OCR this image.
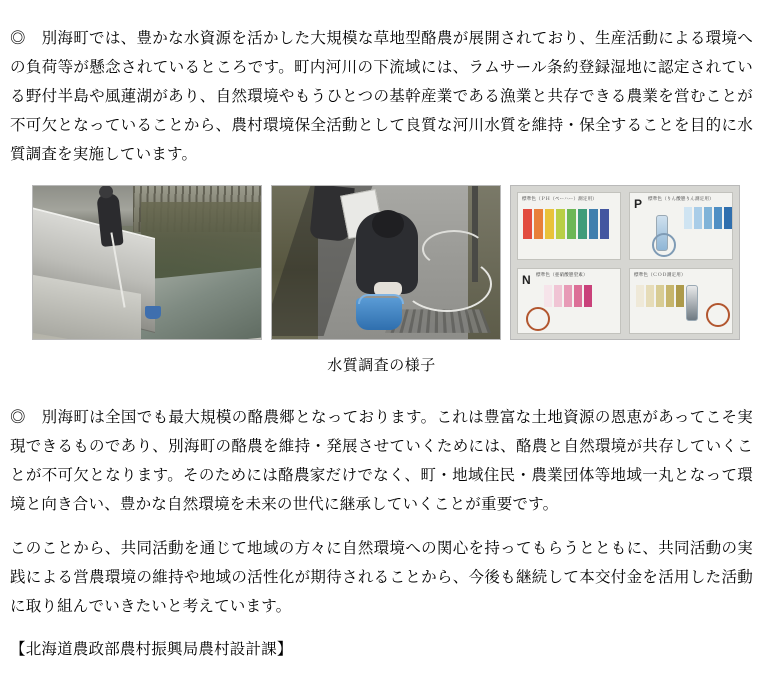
◎　別海町では、豊かな水資源を活かした大規模な草地型酪農が展開されており、生産活動による環境への負荷等が懸念されているところです。町内河川の下流域には、ラムサール条約登録湿地に認定されている野付半島や風蓮湖があり、自然環境やもうひとつの基幹産業である漁業と共存できる農業を営むことが不可欠となっていることから、農村環境保全活動として良質な河川水質を維持・保全することを目的に水質調査を実施しています。

標準色（ＰＨ（ペーハー）測定用）	P 標準色（りん酸態りん測定用）
N 標準色（亜硝酸態窒素）	標準色（ＣＯＤ測定用）
水質調査の様子

◎　別海町は全国でも最大規模の酪農郷となっております。これは豊富な土地資源の恩恵があってこそ実現できるものであり、別海町の酪農を維持・発展させていくためには、酪農と自然環境が共存していくことが不可欠となります。そのためには酪農家だけでなく、町・地域住民・農業団体等地域一丸となって環境と向き合い、豊かな自然環境を未来の世代に継承していくことが重要です。

このことから、共同活動を通じて地域の方々に自然環境への関心を持ってもらうとともに、共同活動の実践による営農環境の維持や地域の活性化が期待されることから、今後も継続して本交付金を活用した活動に取り組んでいきたいと考えています。

【北海道農政部農村振興局農村設計課】
